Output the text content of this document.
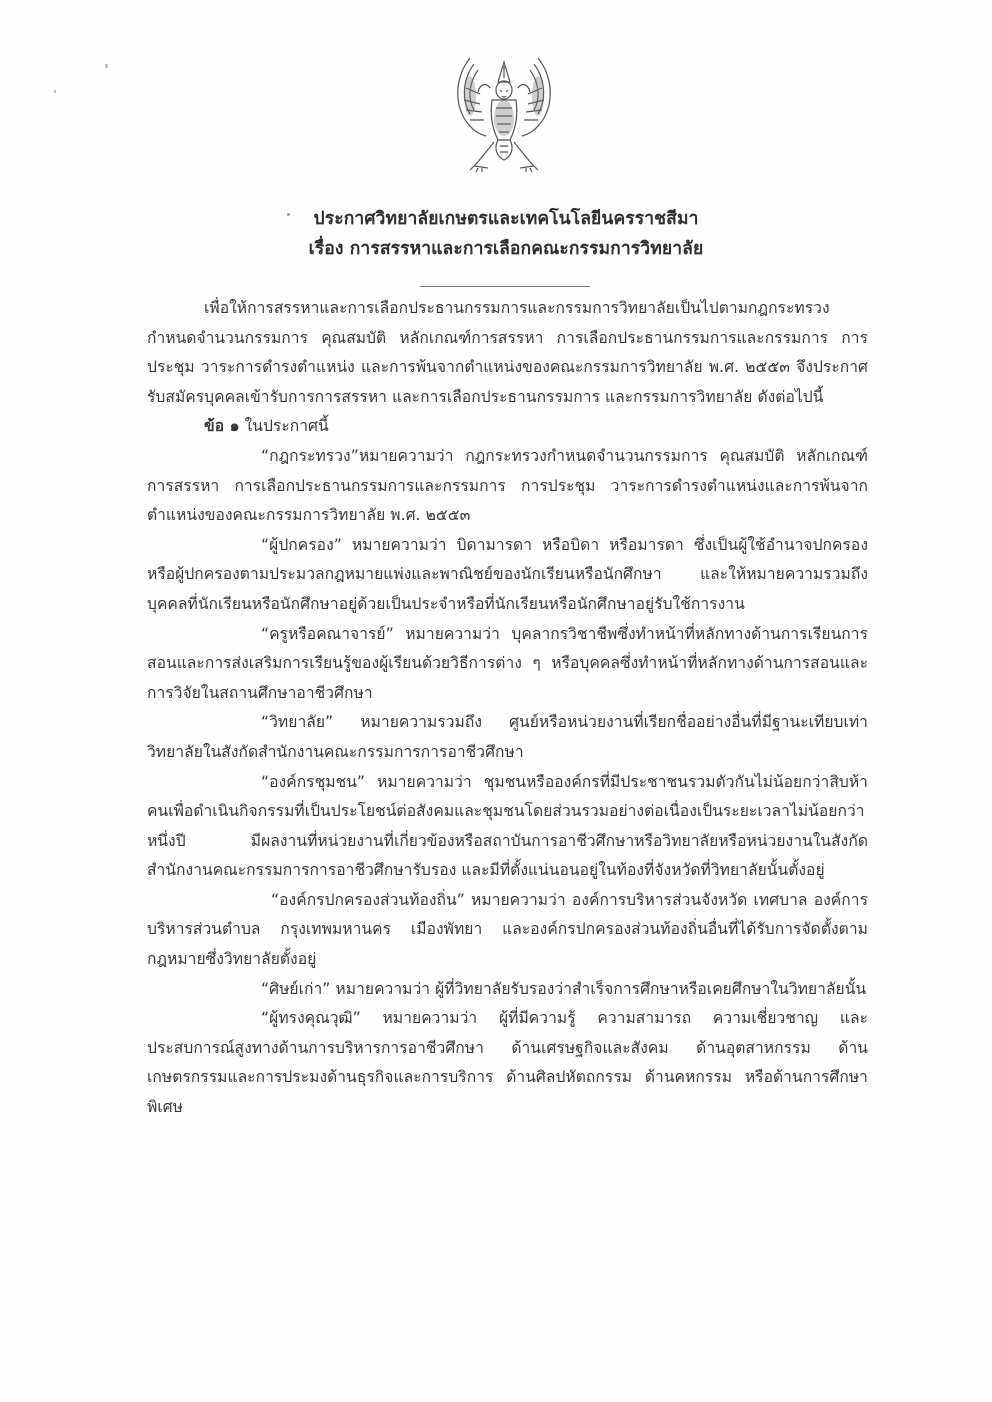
ประกาศวิทยาลัยเกษตรและเทคโนโลยีนครราชสีมา
เรื่อง การสรรหาและการเลือกคณะกรรมการวิทยาลัย

เพื่อให้การสรรหาและการเลือกประธานกรรมการและกรรมการวิทยาลัยเป็นไปตามกฎกระทรวงกำหนดจำนวนกรรมการ คุณสมบัติ หลักเกณฑ์การสรรหา การเลือกประธานกรรมการและกรรมการ การประชุม วาระการดำรงตำแหน่ง และการพ้นจากตำแหน่งของคณะกรรมการวิทยาลัย พ.ศ. ๒๕๕๓ จึงประกาศรับสมัครบุคคลเข้ารับการการสรรหา และการเลือกประธานกรรมการ และกรรมการวิทยาลัย ดังต่อไปนี้

ข้อ ๑ ในประกาศนี้

“กฎกระทรวง”หมายความว่า กฎกระทรวงกำหนดจำนวนกรรมการ คุณสมบัติ หลักเกณฑ์การสรรหา การเลือกประธานกรรมการและกรรมการ การประชุม วาระการดำรงตำแหน่งและการพ้นจากตำแหน่งของคณะกรรมการวิทยาลัย พ.ศ. ๒๕๕๓

“ผู้ปกครอง” หมายความว่า บิดามารดา หรือบิดา หรือมารดา ซึ่งเป็นผู้ใช้อำนาจปกครองหรือผู้ปกครองตามประมวลกฎหมายแพ่งและพาณิชย์ของนักเรียนหรือนักศึกษา และให้หมายความรวมถึงบุคคลที่นักเรียนหรือนักศึกษาอยู่ด้วยเป็นประจำหรือที่นักเรียนหรือนักศึกษาอยู่รับใช้การงาน

“ครูหรือคณาจารย์” หมายความว่า บุคลากรวิชาชีพซึ่งทำหน้าที่หลักทางด้านการเรียนการสอนและการส่งเสริมการเรียนรู้ของผู้เรียนด้วยวิธีการต่าง ๆ หรือบุคคลซึ่งทำหน้าที่หลักทางด้านการสอนและการวิจัยในสถานศึกษาอาชีวศึกษา

“วิทยาลัย” หมายความรวมถึง ศูนย์หรือหน่วยงานที่เรียกชื่ออย่างอื่นที่มีฐานะเทียบเท่าวิทยาลัยในสังกัดสำนักงานคณะกรรมการการอาชีวศึกษา

“องค์กรชุมชน” หมายความว่า ชุมชนหรือองค์กรที่มีประชาชนรวมตัวกันไม่น้อยกว่าสิบห้าคนเพื่อดำเนินกิจกรรมที่เป็นประโยชน์ต่อสังคมและชุมชนโดยส่วนรวมอย่างต่อเนื่องเป็นระยะเวลาไม่น้อยกว่าหนึ่งปี มีผลงานที่หน่วยงานที่เกี่ยวข้องหรือสถาบันการอาชีวศึกษาหรือวิทยาลัยหรือหน่วยงานในสังกัดสำนักงานคณะกรรมการการอาชีวศึกษารับรอง และมีที่ตั้งแน่นอนอยู่ในท้องที่จังหวัดที่วิทยาลัยนั้นตั้งอยู่

“องค์กรปกครองส่วนท้องถิ่น” หมายความว่า องค์การบริหารส่วนจังหวัด เทศบาล องค์การบริหารส่วนตำบล กรุงเทพมหานคร เมืองพัทยา และองค์กรปกครองส่วนท้องถิ่นอื่นที่ได้รับการจัดตั้งตามกฎหมายซึ่งวิทยาลัยตั้งอยู่

“ศิษย์เก่า” หมายความว่า ผู้ที่วิทยาลัยรับรองว่าสำเร็จการศึกษาหรือเคยศึกษาในวิทยาลัยนั้น

“ผู้ทรงคุณวุฒิ” หมายความว่า ผู้ที่มีความรู้ ความสามารถ ความเชี่ยวชาญ และประสบการณ์สูงทางด้านการบริหารการอาชีวศึกษา ด้านเศรษฐกิจและสังคม ด้านอุตสาหกรรม ด้านเกษตรกรรมและการประมงด้านธุรกิจและการบริการ ด้านศิลปหัตถกรรม ด้านคหกรรม หรือด้านการศึกษาพิเศษ
